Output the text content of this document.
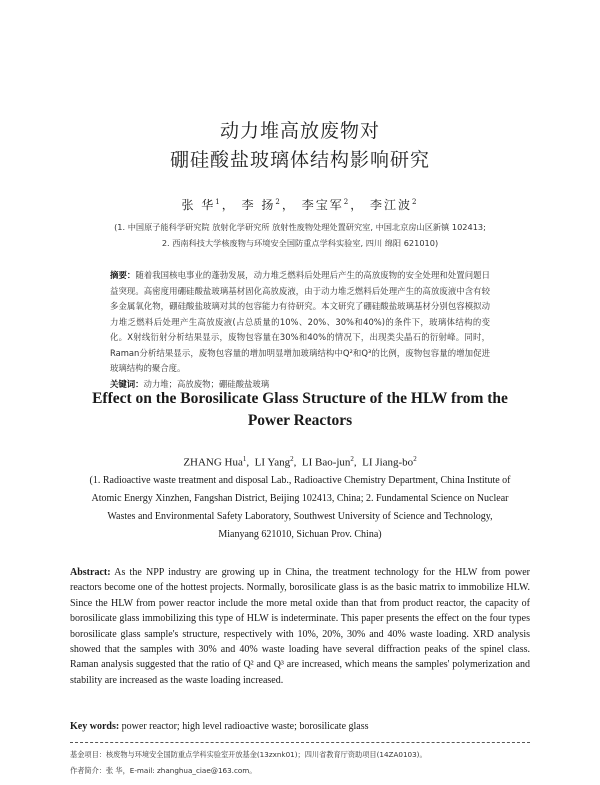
动力堆高放废物对
硼硅酸盐玻璃体结构影响研究
张 华$^1$， 李 扬$^2$， 李宝军$^2$， 李江波$^2$
(1. 中国原子能科学研究院 放射化学研究所 放射性废物处理处置研究室, 中国北京房山区新镇 102413;
2. 西南科技大学核废物与环境安全国防重点学科实验室, 四川 绵阳 621010)
摘要：随着我国核电事业的蓬勃发展，动力堆乏燃料后处理后产生的高放废物的安全处理和处置问题日益突现。高密度用硼硅酸盐玻璃基材固化高放废液，由于动力堆乏燃料后处理产生的高放废液中含有较多金属氧化物，硼硅酸盐玻璃对其的包容能力有待研究。本文研究了硼硅酸盐玻璃基材分别包容模拟动力堆乏燃料后处理产生高放废液(占总质量的10%、20%、30%和40%)的条件下，玻璃体结构的变化。X射线衍射分析结果显示，废物包容量在30%和40%的情况下，出现类尖晶石的衍射峰。同时，Raman分析结果显示，废物包容量的增加明显增加玻璃结构中Q²和Q³的比例，废物包容量的增加促进玻璃结构的聚合度。
关键词：动力堆；高放废物；硼硅酸盐玻璃
Effect on the Borosilicate Glass Structure of the HLW from the Power Reactors
ZHANG Hua$^1$,  LI Yang$^2$,  LI Bao-jun$^2$,  LI Jiang-$bo^2$
(1. Radioactive waste treatment and disposal Lab., Radioactive Chemistry Department, China Institute of Atomic Energy Xinzhen, Fangshan District, Beijing 102413, China; 2. Fundamental Science on Nuclear Wastes and Environmental Safety Laboratory, Southwest University of Science and Technology, Mianyang 621010, Sichuan Prov. China)
Abstract: As the NPP industry are growing up in China, the treatment technology for the HLW from power reactors become one of the hottest projects. Normally, borosilicate glass is as the basic matrix to immobilize HLW. Since the HLW from power reactor include the more metal oxide than that from product reactor, the capacity of borosilicate glass immobilizing this type of HLW is indeterminate. This paper presents the effect on the four types borosilicate glass sample's structure, respectively with 10%, 20%, 30% and 40% waste loading. XRD analysis showed that the samples with 30% and 40% waste loading have several diffraction peaks of the spinel class. Raman analysis suggested that the ratio of Q² and Q³ are increased, which means the samples' polymerization and stability are increased as the waste loading increased.
Key words: power reactor; high level radioactive waste; borosilicate glass
基金项目：核废物与环境安全国防重点学科实验室开放基金(13zxnk01)；四川省教育厅资助项目(14ZA0103)。
作者简介：张 华，E-mail: zhanghua_ciae@163.com。
